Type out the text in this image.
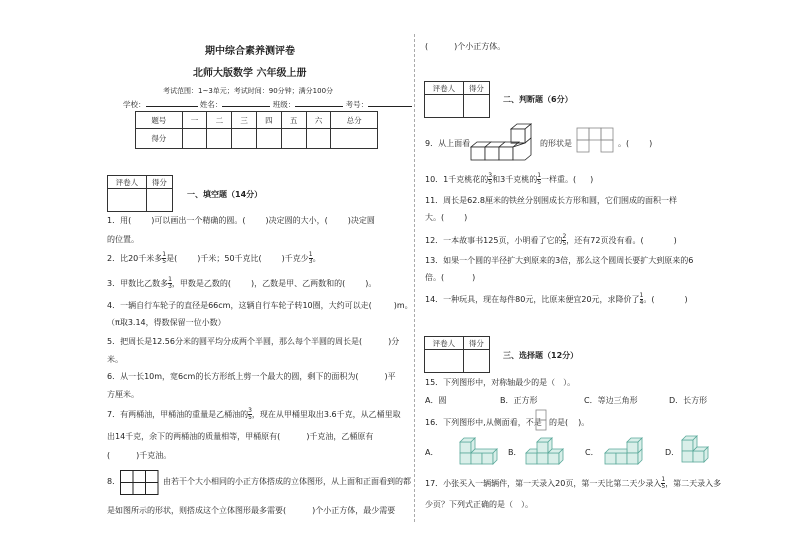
期中综合素养测评卷
北师大版数学 六年级上册
考试范围：1~3单元；考试时间：90分钟；满分100分
学校：	姓名：	班级：	考号：
题号	一	二	三	四	五	六	总分
得分							
评卷人	得分

一、填空题（14分）
1．用(	)可以画出一个精确的圆。(	)决定圆的大小，(	)决定圆
的位置。
2．比20千米多 $\frac{1}{5}$ 是(	)千米；50千克比(	)千克少 $\frac{1}{3}$ 。
3．甲数比乙数多 $\frac{1}{3}$ ，甲数是乙数的(	)，乙数是甲、乙两数和的(	)。
4．一辆自行车轮子的直径是66cm，这辆自行车轮子转10圈，大约可以走(	)m。
（π取3.14，得数保留一位小数）
5．把周长是12.56分米的圆平均分成两个半圆，那么每个半圆的周长是(	)分
米。
6．从一长10m，宽6cm的长方形纸上剪一个最大的圆，剩下的面积为(	)平
方厘米。
7．有两桶油，甲桶油的重量是乙桶油的 $\frac{3}{5}$ ，现在从甲桶里取出3.6千克，从乙桶里取
出14千克，余下的两桶油的质量相等，甲桶原有(	)千克油，乙桶原有
(	)千克油。
8．	由若干个大小相同的小正方体搭成的立体图形，从上面和正面看到的都
是如图所示的形状，则搭成这个立体图形最多需要(	)个小正方体，最少需要
(	)个小正方体。
评卷人	得分

二、判断题（6分）
9．从上面看	的形状是	。(	)
10．1千克桃花的 $\frac{3}{5}$ 和3千克桃的 $\frac{1}{5}$ 一样重。( )
11．周长是62.8厘米的铁丝分别围成长方形和圆，它们围成的面积一样
大。(	)
12．一本故事书125页，小明看了它的 $\frac{2}{5}$ ，还有72页没有看。(	)
13．如果一个圆的半径扩大到原来的3倍，那么这个圆周长要扩大到原来的6
倍。(	)
14．一种玩具，现在每件80元，比原来便宜20元，求降价了 $\frac{1}{4}$ 。(	)
评卷人	得分

三、选择题（12分）
15．下列图形中，对称轴最少的是（　）。
A．圆	B．正方形	C．等边三角形	D．长方形
16．下列图形中,从侧面看，不是 的是( )。
A．	B．	C．	D．
17．小张买入一辆辆件，第一天录入20页，第一天比第二天少录入 $\frac{1}{5}$ ，第二天录入多
少页？下列式正确的是（　）。
